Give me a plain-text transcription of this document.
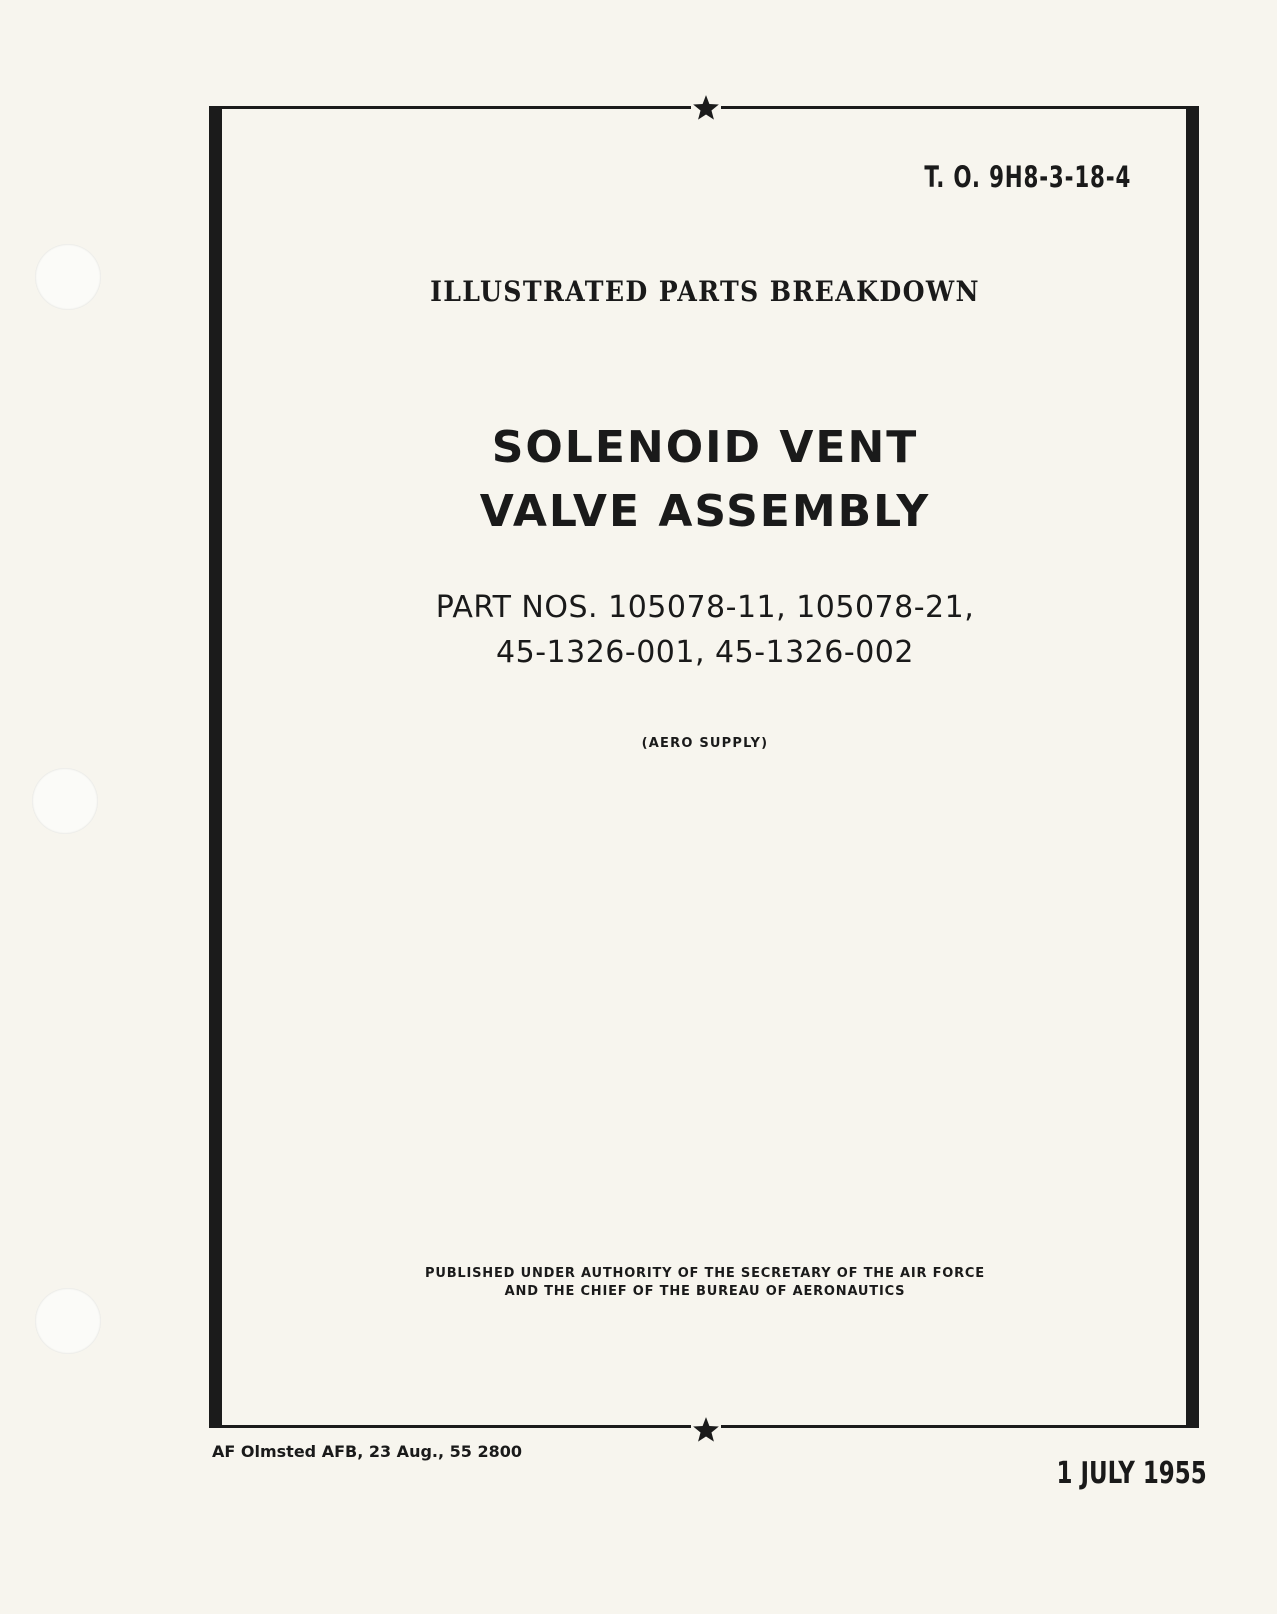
T. O. 9H8-3-18-4
ILLUSTRATED PARTS BREAKDOWN
SOLENOID VENT
VALVE ASSEMBLY
PART NOS. 105078-11, 105078-21,
45-1326-001, 45-1326-002
(AERO SUPPLY)
PUBLISHED UNDER AUTHORITY OF THE SECRETARY OF THE AIR FORCE
AND THE CHIEF OF THE BUREAU OF AERONAUTICS
AF Olmsted AFB, 23 Aug., 55 2800
1 JULY 1955
